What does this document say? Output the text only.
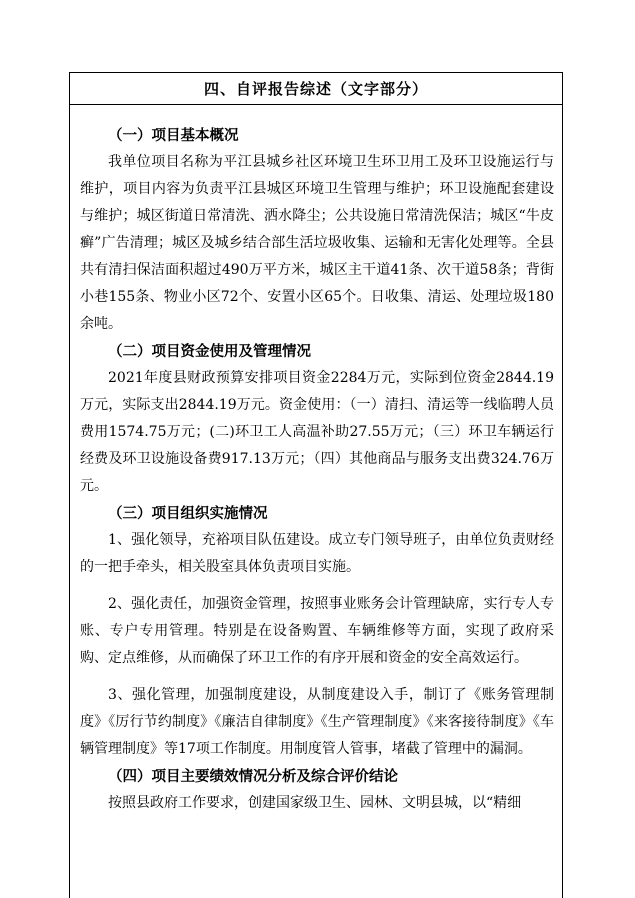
四、自评报告综述（文字部分）

（一）项目基本概况

我单位项目名称为平江县城乡社区环境卫生环卫用工及环卫设施运行与维护，项目内容为负责平江县城区环境卫生管理与维护；环卫设施配套建设与维护；城区街道日常清洗、洒水降尘；公共设施日常清洗保洁；城区“牛皮癣”广告清理；城区及城乡结合部生活垃圾收集、运输和无害化处理等。全县共有清扫保洁面积超过490万平方米，城区主干道41条、次干道58条；背街小巷155条、物业小区72个、安置小区65个。日收集、清运、处理垃圾180余吨。

（二）项目资金使用及管理情况

2021年度县财政预算安排项目资金2284万元，实际到位资金2844.19万元，实际支出2844.19万元。资金使用：（一）清扫、清运等一线临聘人员费用1574.75万元；(二)环卫工人高温补助27.55万元；（三）环卫车辆运行经费及环卫设施设备费917.13万元；（四）其他商品与服务支出费324.76万元。

（三）项目组织实施情况

1、强化领导，充裕项目队伍建设。成立专门领导班子，由单位负责财经的一把手牵头，相关股室具体负责项目实施。

2、强化责任，加强资金管理，按照事业账务会计管理缺席，实行专人专账、专户专用管理。特别是在设备购置、车辆维修等方面，实现了政府采购、定点维修，从而确保了环卫工作的有序开展和资金的安全高效运行。

3、强化管理，加强制度建设，从制度建设入手，制订了《账务管理制度》《厉行节约制度》《廉洁自律制度》《生产管理制度》《来客接待制度》《车辆管理制度》等17项工作制度。用制度管人管事，堵截了管理中的漏洞。

（四）项目主要绩效情况分析及综合评价结论

按照县政府工作要求，创建国家级卫生、园林、文明县城，以“精细
